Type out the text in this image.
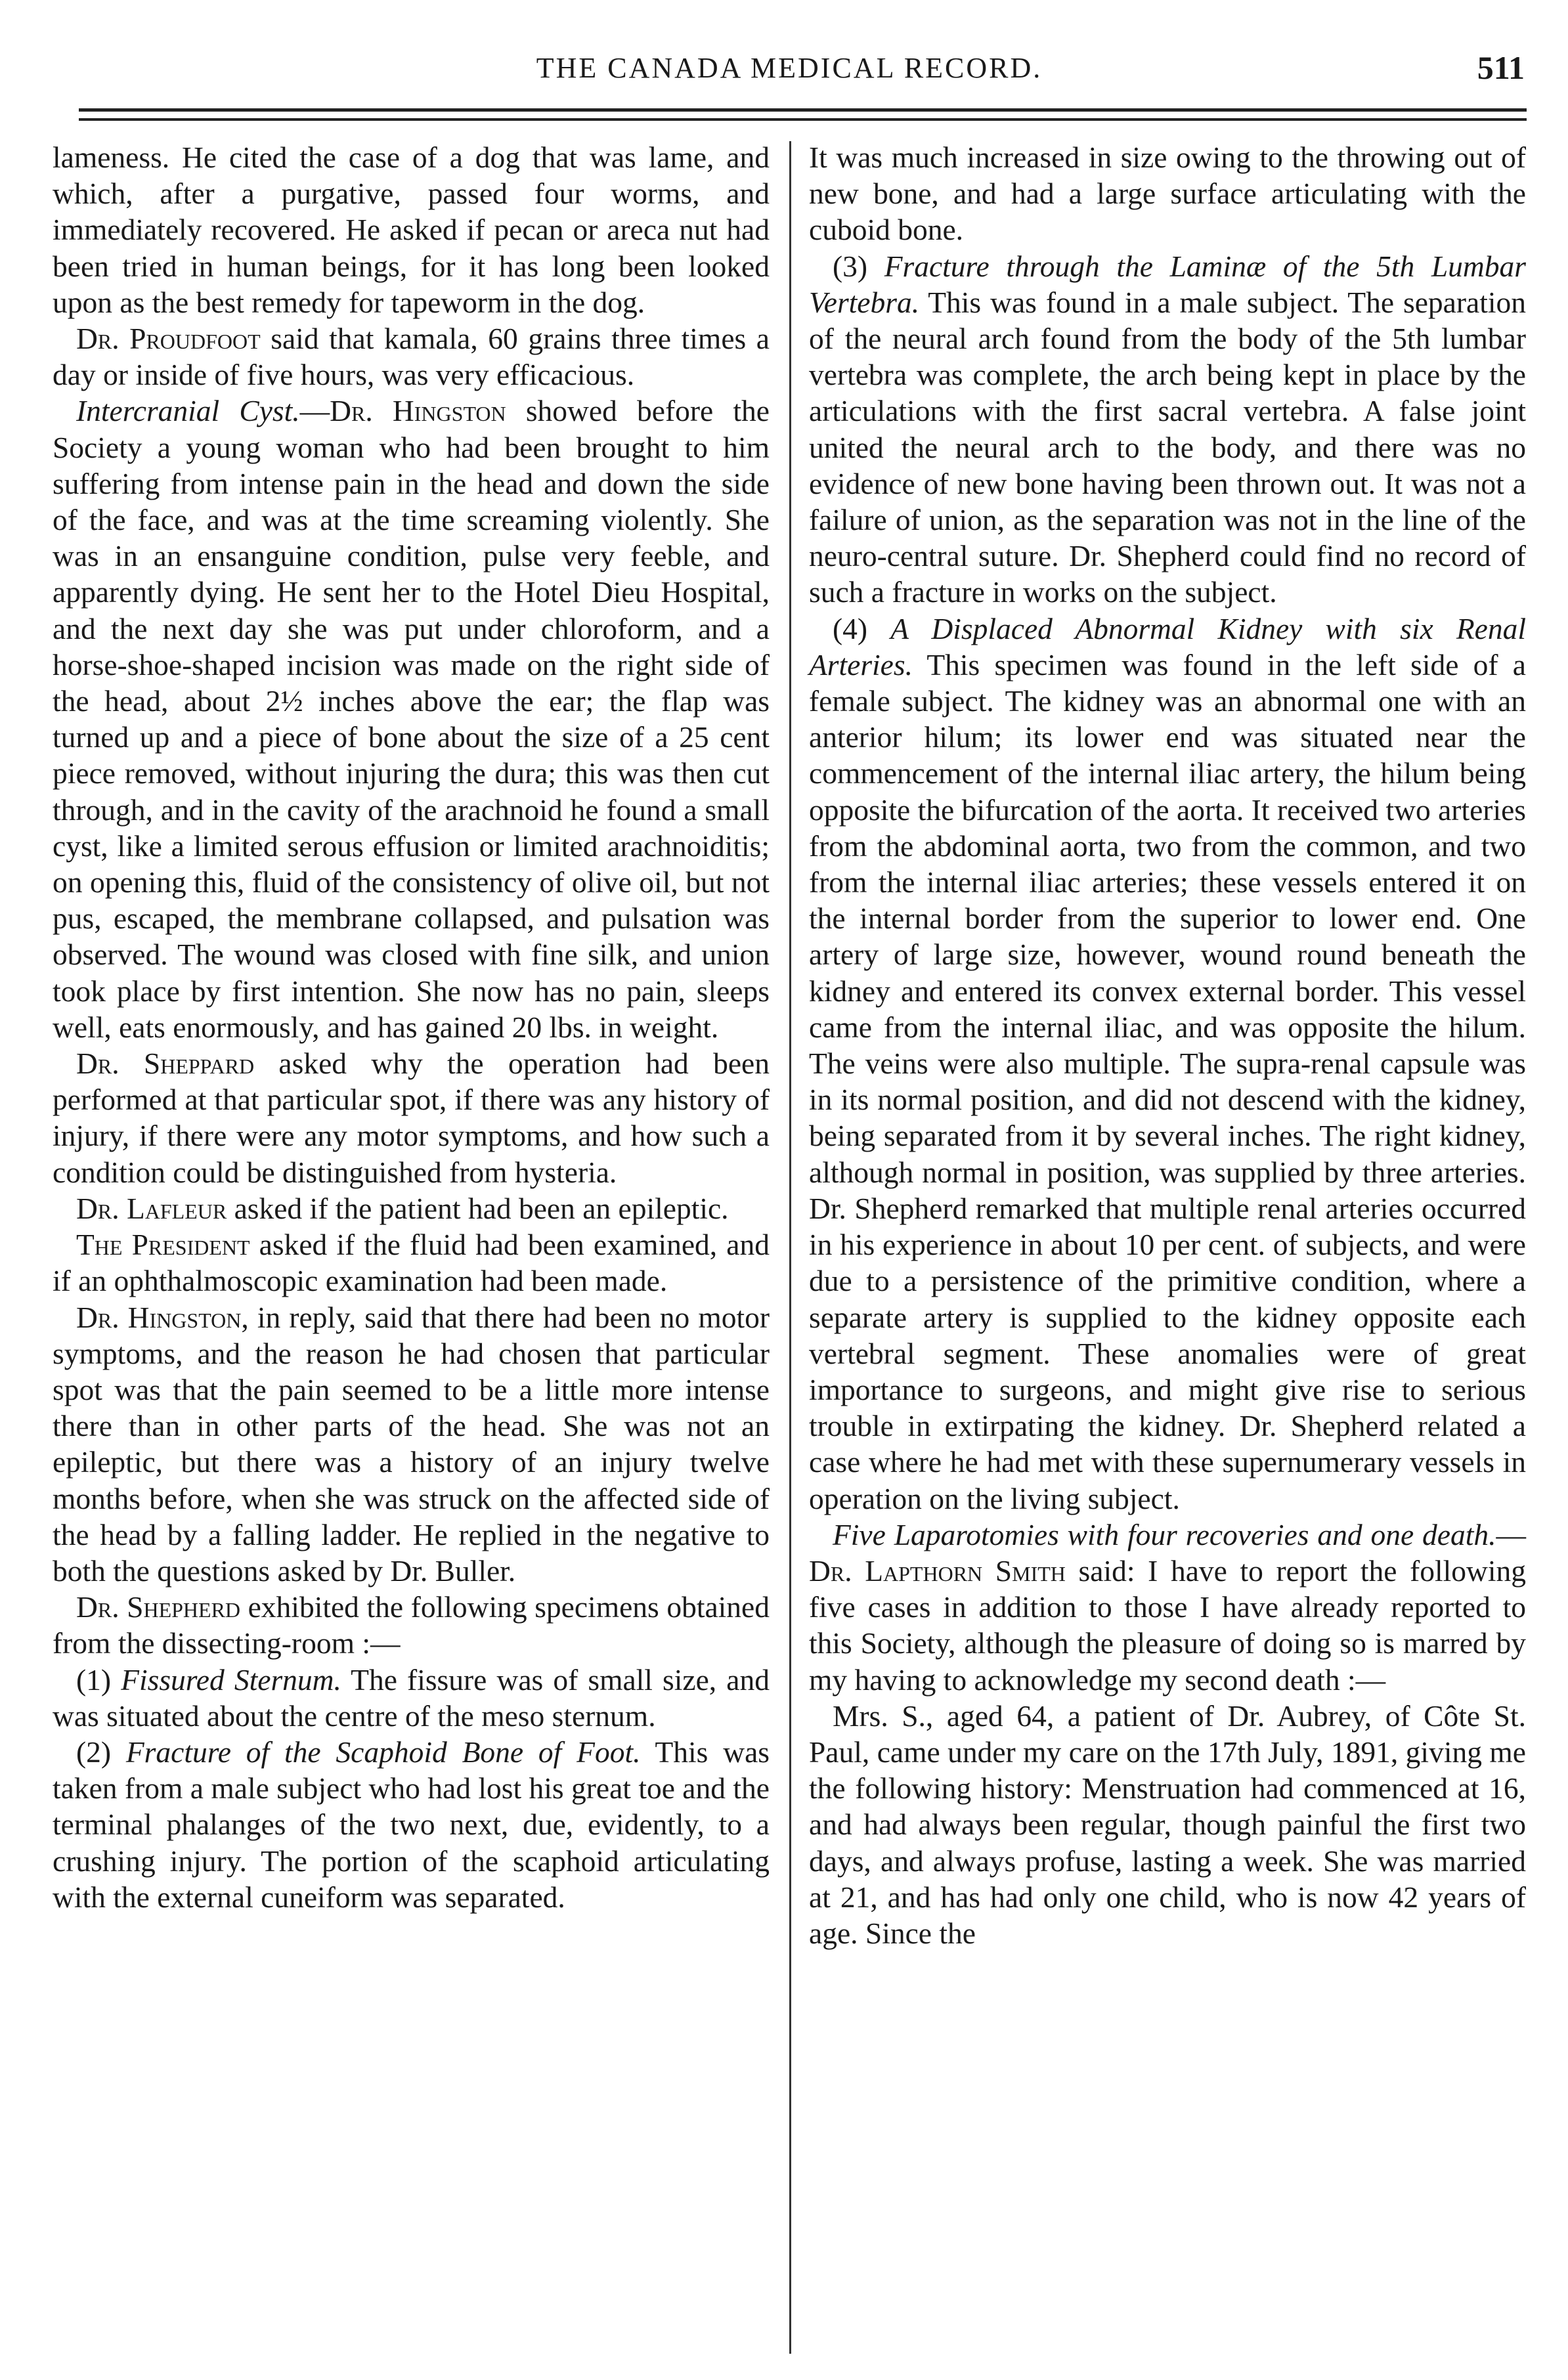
THE CANADA MEDICAL RECORD.	511

lameness. He cited the case of a dog that was lame, and which, after a purgative, passed four worms, and immediately recovered. He asked if pecan or areca nut had been tried in human beings, for it has long been looked upon as the best remedy for tapeworm in the dog.

Dr. Proudfoot said that kamala, 60 grains three times a day or inside of five hours, was very efficacious.

Intercranial Cyst.—Dr. Hingston showed before the Society a young woman who had been brought to him suffering from intense pain in the head and down the side of the face, and was at the time screaming violently. She was in an ensanguine condition, pulse very feeble, and apparently dying. He sent her to the Hotel Dieu Hospital, and the next day she was put under chloroform, and a horse-shoe-shaped incision was made on the right side of the head, about 2½ inches above the ear; the flap was turned up and a piece of bone about the size of a 25 cent piece removed, without injuring the dura; this was then cut through, and in the cavity of the arachnoid he found a small cyst, like a limited serous effusion or limited arachnoiditis; on opening this, fluid of the consistency of olive oil, but not pus, escaped, the membrane collapsed, and pulsation was observed. The wound was closed with fine silk, and union took place by first intention. She now has no pain, sleeps well, eats enormously, and has gained 20 lbs. in weight.

Dr. Sheppard asked why the operation had been performed at that particular spot, if there was any history of injury, if there were any motor symptoms, and how such a condition could be distinguished from hysteria.

Dr. Lafleur asked if the patient had been an epileptic.

The President asked if the fluid had been examined, and if an ophthalmoscopic examination had been made.

Dr. Hingston, in reply, said that there had been no motor symptoms, and the reason he had chosen that particular spot was that the pain seemed to be a little more intense there than in other parts of the head. She was not an epileptic, but there was a history of an injury twelve months before, when she was struck on the affected side of the head by a falling ladder. He replied in the negative to both the questions asked by Dr. Buller.

Dr. Shepherd exhibited the following specimens obtained from the dissecting-room :—

(1) Fissured Sternum. The fissure was of small size, and was situated about the centre of the meso sternum.

(2) Fracture of the Scaphoid Bone of Foot. This was taken from a male subject who had lost his great toe and the terminal phalanges of the two next, due, evidently, to a crushing injury. The portion of the scaphoid articulating with the external cuneiform was separated.

It was much increased in size owing to the throwing out of new bone, and had a large surface articulating with the cuboid bone.

(3) Fracture through the Laminæ of the 5th Lumbar Vertebra. This was found in a male subject. The separation of the neural arch found from the body of the 5th lumbar vertebra was complete, the arch being kept in place by the articulations with the first sacral vertebra. A false joint united the neural arch to the body, and there was no evidence of new bone having been thrown out. It was not a failure of union, as the separation was not in the line of the neuro-central suture. Dr. Shepherd could find no record of such a fracture in works on the subject.

(4) A Displaced Abnormal Kidney with six Renal Arteries. This specimen was found in the left side of a female subject. The kidney was an abnormal one with an anterior hilum; its lower end was situated near the commencement of the internal iliac artery, the hilum being opposite the bifurcation of the aorta. It received two arteries from the abdominal aorta, two from the common, and two from the internal iliac arteries; these vessels entered it on the internal border from the superior to lower end. One artery of large size, however, wound round beneath the kidney and entered its convex external border. This vessel came from the internal iliac, and was opposite the hilum. The veins were also multiple. The supra-renal capsule was in its normal position, and did not descend with the kidney, being separated from it by several inches. The right kidney, although normal in position, was supplied by three arteries. Dr. Shepherd remarked that multiple renal arteries occurred in his experience in about 10 per cent. of subjects, and were due to a persistence of the primitive condition, where a separate artery is supplied to the kidney opposite each vertebral segment. These anomalies were of great importance to surgeons, and might give rise to serious trouble in extirpating the kidney. Dr. Shepherd related a case where he had met with these supernumerary vessels in operation on the living subject.

Five Laparotomies with four recoveries and one death.—Dr. Lapthorn Smith said: I have to report the following five cases in addition to those I have already reported to this Society, although the pleasure of doing so is marred by my having to acknowledge my second death :—

Mrs. S., aged 64, a patient of Dr. Aubrey, of Côte St. Paul, came under my care on the 17th July, 1891, giving me the following history: Menstruation had commenced at 16, and had always been regular, though painful the first two days, and always profuse, lasting a week. She was married at 21, and has had only one child, who is now 42 years of age. Since the
